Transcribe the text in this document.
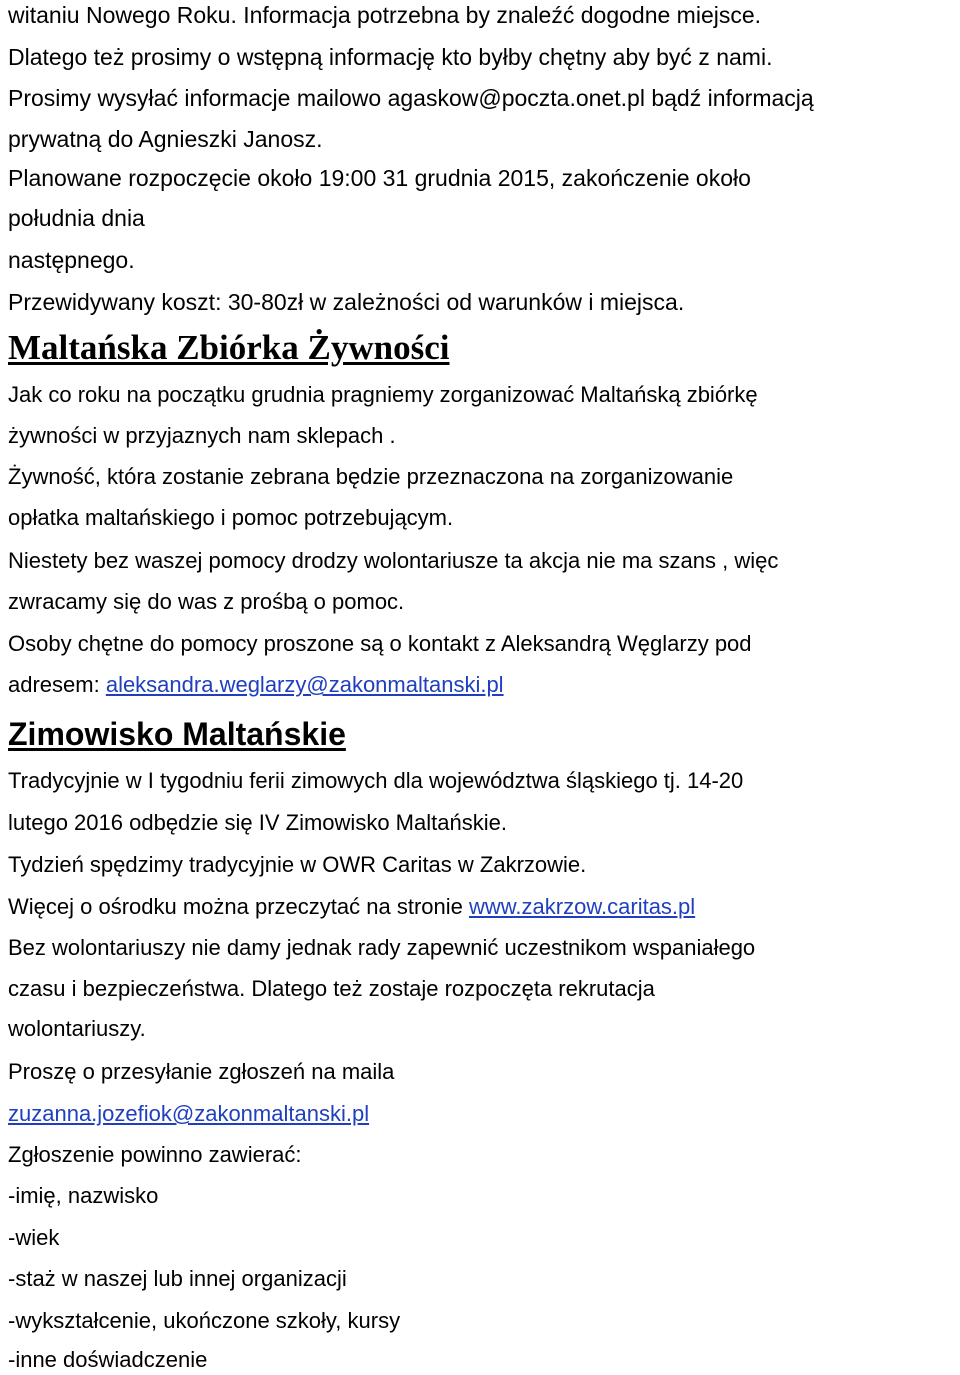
witaniu Nowego Roku. Informacja potrzebna by znaleźć dogodne miejsce.

Dlatego też prosimy o wstępną informację kto byłby chętny aby być z nami.

Prosimy wysyłać informacje mailowo agaskow@poczta.onet.pl bądź informacją

prywatną do Agnieszki Janosz.

Planowane rozpoczęcie około 19:00 31 grudnia 2015, zakończenie około

południa dnia

następnego.

Przewidywany koszt: 30-80zł w zależności od warunków i miejsca.

Maltańska Zbiórka Żywności

Jak co roku na początku grudnia pragniemy zorganizować Maltańską zbiórkę

żywności w przyjaznych nam sklepach .

Żywność, która zostanie zebrana będzie przeznaczona na zorganizowanie

opłatka maltańskiego i pomoc potrzebującym.

Niestety bez waszej pomocy drodzy wolontariusze ta akcja nie ma szans , więc

zwracamy się do was z prośbą o pomoc.

Osoby chętne do pomocy proszone są o kontakt z Aleksandrą Węglarzy pod

adresem: aleksandra.weglarzy@zakonmaltanski.pl

Zimowisko Maltańskie

Tradycyjnie w I tygodniu ferii zimowych dla województwa śląskiego tj. 14-20

lutego 2016 odbędzie się IV Zimowisko Maltańskie.

Tydzień spędzimy tradycyjnie w OWR Caritas w Zakrzowie.

Więcej o ośrodku można przeczytać na stronie www.zakrzow.caritas.pl

Bez wolontariuszy nie damy jednak rady zapewnić uczestnikom wspaniałego

czasu i bezpieczeństwa. Dlatego też zostaje rozpoczęta rekrutacja

wolontariuszy.

Proszę o przesyłanie zgłoszeń na maila

zuzanna.jozefiok@zakonmaltanski.pl

Zgłoszenie powinno zawierać:

-imię, nazwisko

-wiek

-staż w naszej lub innej organizacji

-wykształcenie, ukończone szkoły, kursy

-inne doświadczenie
